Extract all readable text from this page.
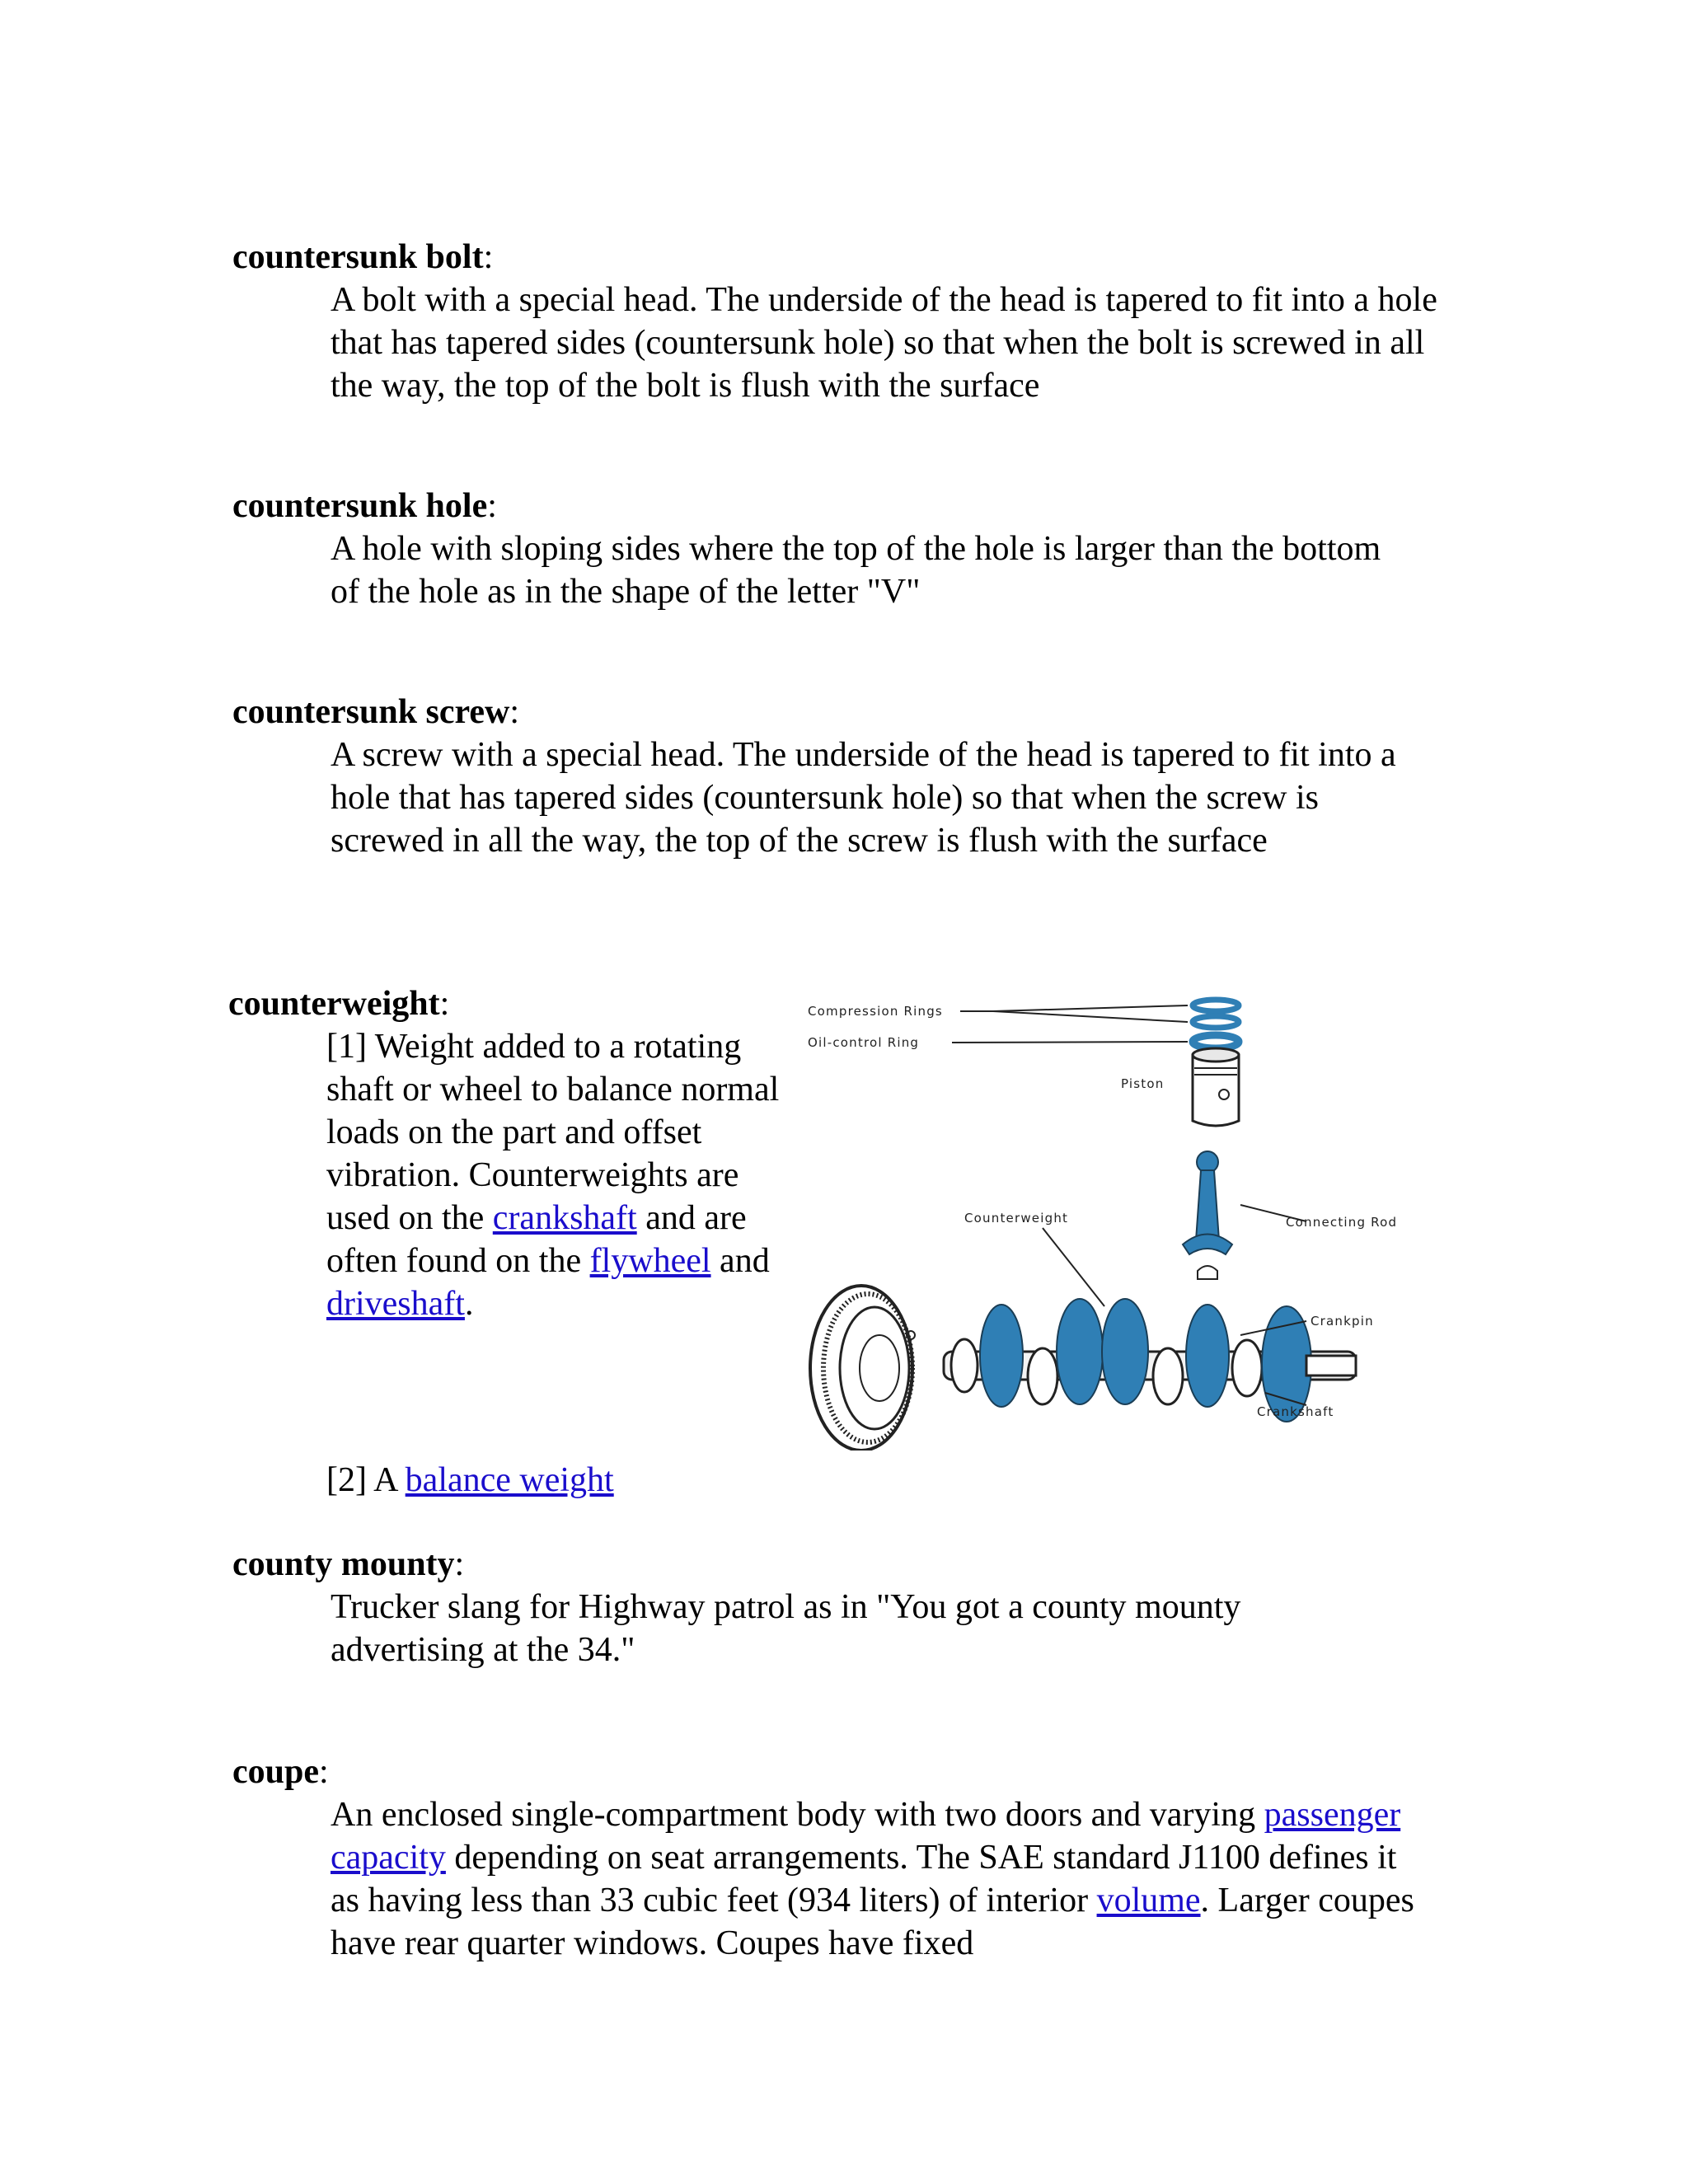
countersunk bolt:
A bolt with a special head. The underside of the head is tapered to fit into a hole that has tapered sides (countersunk hole) so that when the bolt is screwed in all the way, the top of the bolt is flush with the surface
countersunk hole:
A hole with sloping sides where the top of the hole is larger than the bottom of the hole as in the shape of the letter "V"
countersunk screw:
A screw with a special head. The underside of the head is tapered to fit into a hole that has tapered sides (countersunk hole) so that when the screw is screwed in all the way, the top of the screw is flush with the surface
counterweight:
[1] Weight added to a rotating shaft or wheel to balance normal loads on the part and offset vibration. Counterweights are used on the crankshaft and are often found on the flywheel and driveshaft.
[2] A balance weight
Compression Rings
Oil-control Ring
Piston
Counterweight	Connecting Rod
Crankpin
Crankshaft
county mounty:
Trucker slang for Highway patrol as in "You got a county mounty advertising at the 34."
coupe:
An enclosed single-compartment body with two doors and varying passenger capacity depending on seat arrangements. The SAE standard J1100 defines it as having less than 33 cubic feet (934 liters) of interior volume. Larger coupes have rear quarter windows. Coupes have fixed
